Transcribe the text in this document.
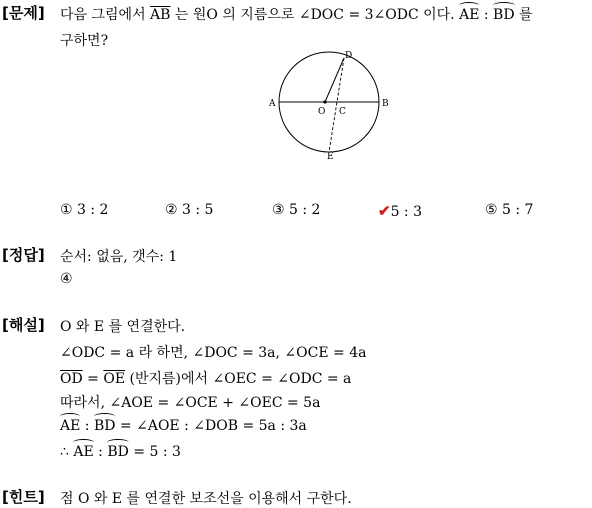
[문제] 다음 그림에서 $\overline{AB}$ 는 원O 의 지름으로 ∠DOC = 3∠ODC 이다. AE : BD 를
구하면?
A	B
D
O C
E
① 3 : 2	② 3 : 5	③ 5 : 2	✔5 : 3	⑤ 5 : 7
[정답] 순서: 없음, 갯수: 1
④
[해설] O 와 E 를 연결한다.
∠ODC = a 라 하면, ∠DOC = 3a, ∠OCE = 4a
$\overline{OD} = \overline{OE}$ (반지름)에서 ∠OEC = ∠ODC = a
따라서, ∠AOE = ∠OCE + ∠OEC = 5a
AE : BD = ∠AOE : ∠DOB = 5a : 3a
∴ AE : BD = 5 : 3
[힌트] 점 O 와 E 를 연결한 보조선을 이용해서 구한다.
